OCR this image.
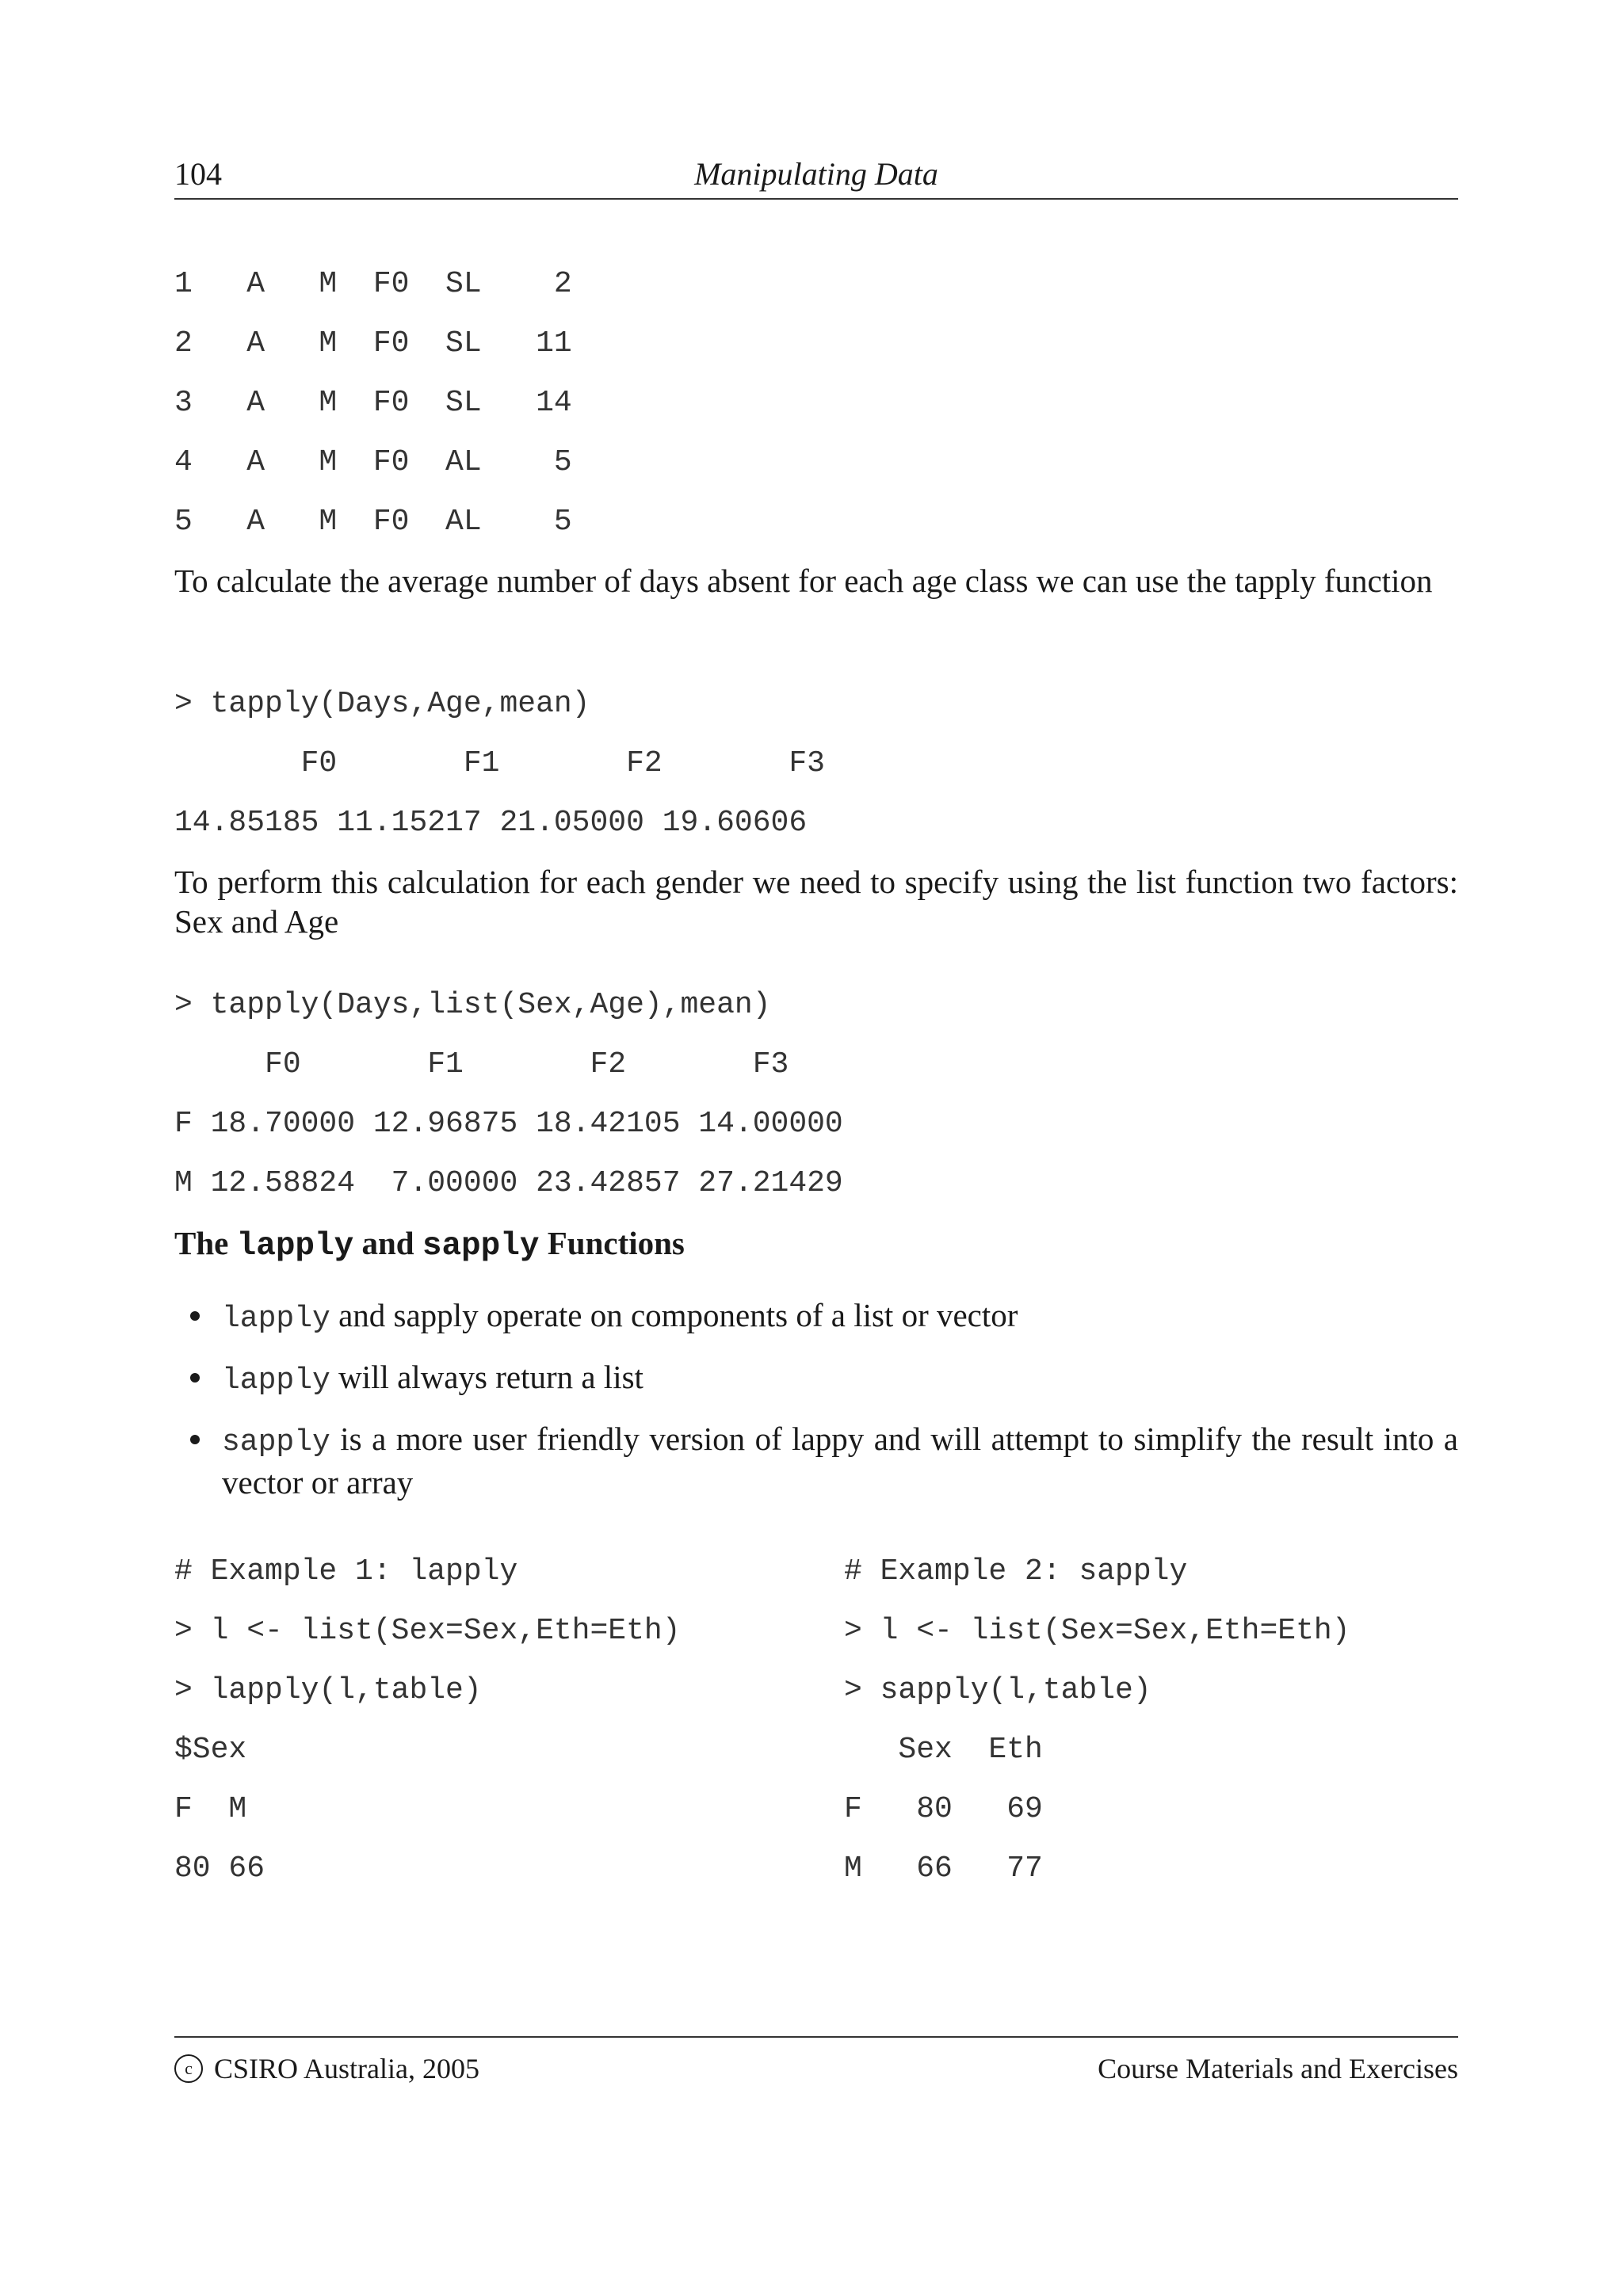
104	Manipulating Data
1   A   M  F0  SL    2
2   A   M  F0  SL   11
3   A   M  F0  SL   14
4   A   M  F0  AL    5
5   A   M  F0  AL    5
To calculate the average number of days absent for each age class we can use the tapply function
> tapply(Days,Age,mean)
F0       F1       F2       F3
14.85185 11.15217 21.05000 19.60606
To perform this calculation for each gender we need to specify using the list function two factors: Sex and Age
> tapply(Days,list(Sex,Age),mean)
F0       F1       F2       F3
F 18.70000 12.96875 18.42105 14.00000
M 12.58824  7.00000 23.42857 27.21429
The lapply and sapply Functions
lapply and sapply operate on components of a list or vector
lapply will always return a list
sapply is a more user friendly version of lappy and will attempt to simplify the result into a vector or array
# Example 1: lapply
> l <- list(Sex=Sex,Eth=Eth)
> lapply(l,table)
$Sex
F  M
80 66
# Example 2: sapply
> l <- list(Sex=Sex,Eth=Eth)
> sapply(l,table)
Sex  Eth
F   80   69
M   66   77
c CSIRO Australia, 2005	Course Materials and Exercises
